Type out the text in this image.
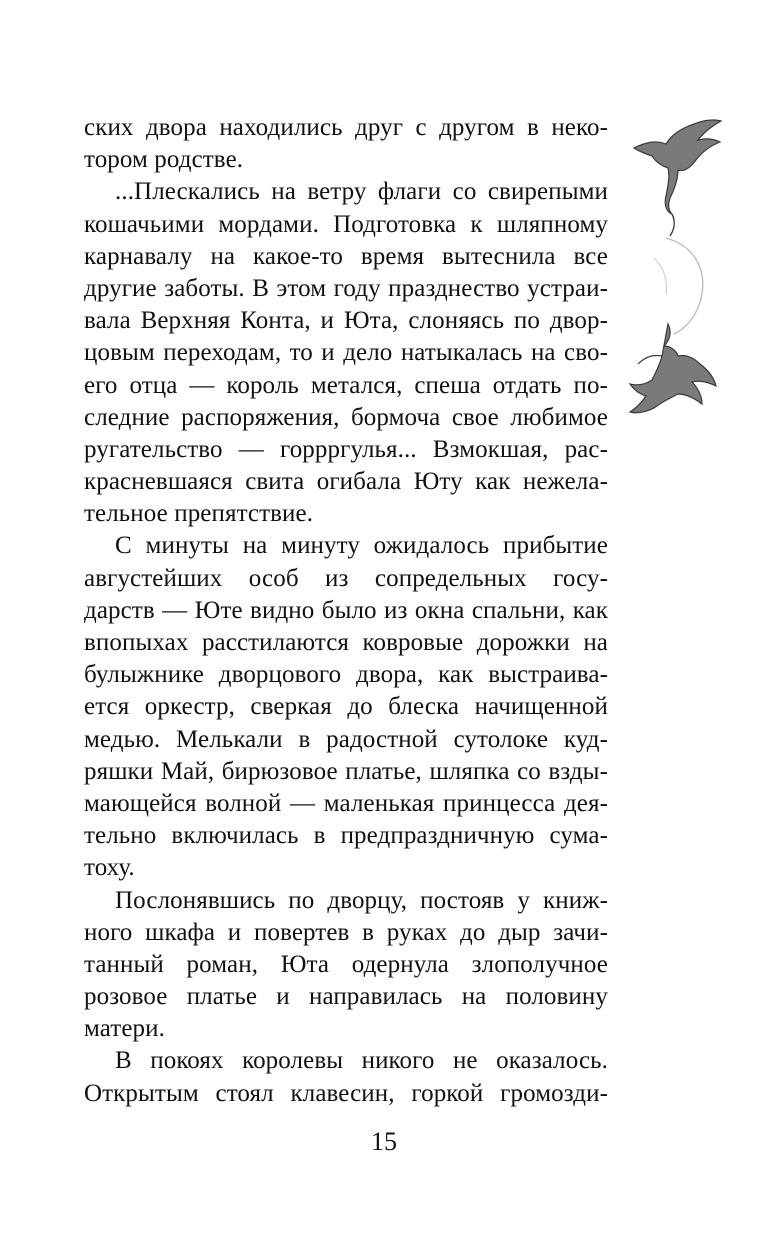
ских двора находились друг с другом в неко-
тором родстве.
...Плескались на ветру флаги со свирепыми
кошачьими мордами. Подготовка к шляпному
карнавалу на какое-то время вытеснила все
другие заботы. В этом году празднество устраи-
вала Верхняя Конта, и Юта, слоняясь по двор-
цовым переходам, то и дело натыкалась на сво-
его отца — король метался, спеша отдать по-
следние распоряжения, бормоча свое любимое
ругательство — горрргулья... Взмокшая, рас-
красневшаяся свита огибала Юту как нежела-
тельное препятствие.
С минуты на минуту ожидалось прибытие
августейших особ из сопредельных госу-
дарств — Юте видно было из окна спальни, как
впопыхах расстилаются ковровые дорожки на
булыжнике дворцового двора, как выстраива-
ется оркестр, сверкая до блеска начищенной
медью. Мелькали в радостной сутолоке куд-
ряшки Май, бирюзовое платье, шляпка со взды-
мающейся волной — маленькая принцесса дея-
тельно включилась в предпраздничную сума-
тоху.
Послонявшись по дворцу, постояв у книж-
ного шкафа и повертев в руках до дыр зачи-
танный роман, Юта одернула злополучное
розовое платье и направилась на половину
матери.
В покоях королевы никого не оказалось.
Открытым стоял клавесин, горкой громозди-
15
